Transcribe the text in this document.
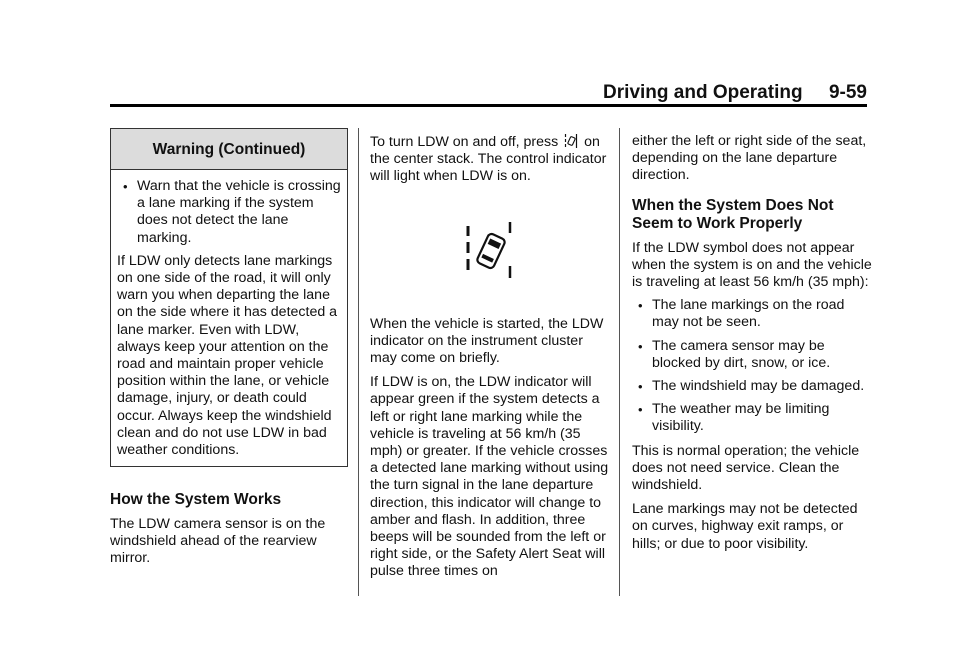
Driving and Operating     9-59
Warning (Continued)
• Warn that the vehicle is crossing a lane marking if the system does not detect the lane marking.

If LDW only detects lane markings on one side of the road, it will only warn you when departing the lane on the side where it has detected a lane marker. Even with LDW, always keep your attention on the road and maintain proper vehicle position within the lane, or vehicle damage, injury, or death could occur. Always keep the windshield clean and do not use LDW in bad weather conditions.

How the System Works

The LDW camera sensor is on the windshield ahead of the rearview mirror.

To turn LDW on and off, press  on the center stack. The control indicator will light when LDW is on.

When the vehicle is started, the LDW indicator on the instrument cluster may come on briefly.

If LDW is on, the LDW indicator will appear green if the system detects a left or right lane marking while the vehicle is traveling at 56 km/h (35 mph) or greater. If the vehicle crosses a detected lane marking without using the turn signal in the lane departure direction, this indicator will change to amber and flash. In addition, three beeps will be sounded from the left or right side, or the Safety Alert Seat will pulse three times on

either the left or right side of the seat, depending on the lane departure direction.

When the System Does Not Seem to Work Properly

If the LDW symbol does not appear when the system is on and the vehicle is traveling at least 56 km/h (35 mph):

• The lane markings on the road may not be seen.
• The camera sensor may be blocked by dirt, snow, or ice.
• The windshield may be damaged.
• The weather may be limiting visibility.

This is normal operation; the vehicle does not need service. Clean the windshield.

Lane markings may not be detected on curves, highway exit ramps, or hills; or due to poor visibility.
